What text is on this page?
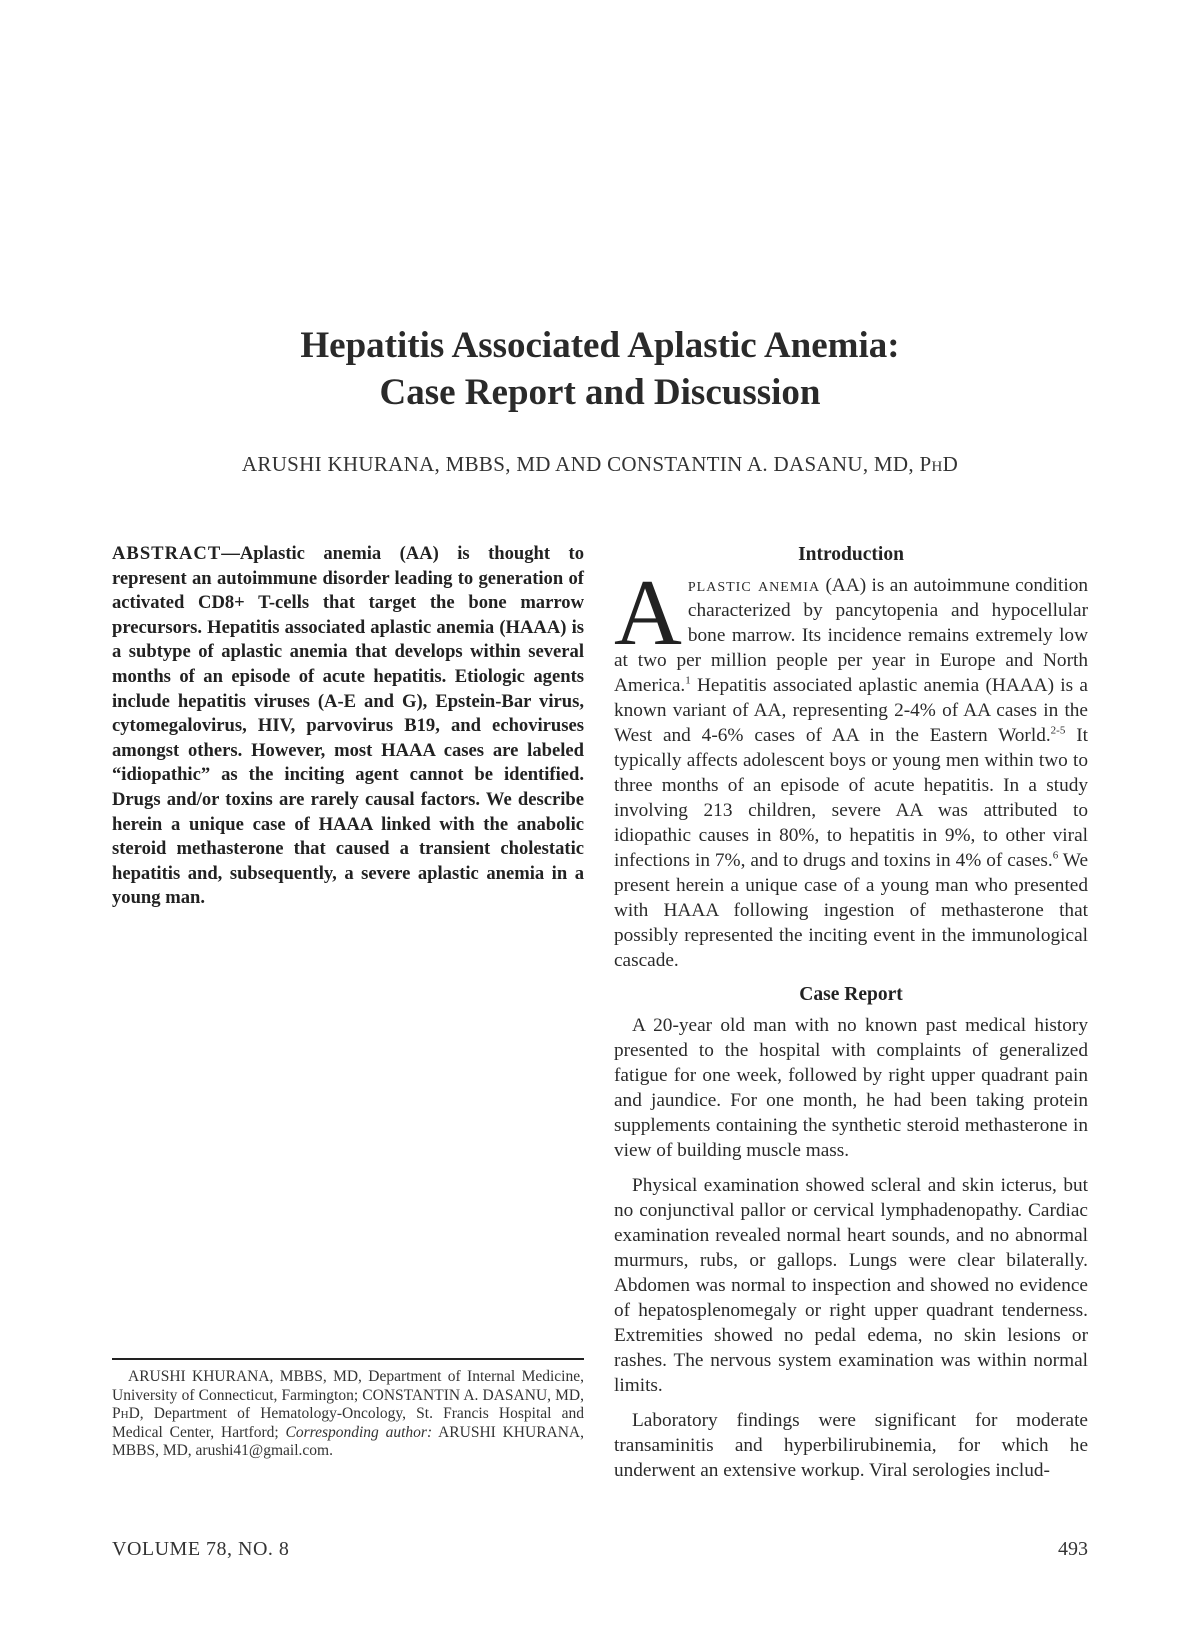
Hepatitis Associated Aplastic Anemia:
Case Report and Discussion
ARUSHI KHURANA, MBBS, MD AND CONSTANTIN A. DASANU, MD, PhD
ABSTRACT—Aplastic anemia (AA) is thought to represent an autoimmune disorder leading to generation of activated CD8+ T-cells that target the bone marrow precursors. Hepatitis associated aplastic anemia (HAAA) is a subtype of aplastic anemia that develops within several months of an episode of acute hepatitis. Etiologic agents include hepatitis viruses (A-E and G), Epstein-Bar virus, cytomegalovirus, HIV, parvovirus B19, and echoviruses amongst others. However, most HAAA cases are labeled “idiopathic” as the inciting agent cannot be identified. Drugs and/or toxins are rarely causal factors. We describe herein a unique case of HAAA linked with the anabolic steroid methasterone that caused a transient cholestatic hepatitis and, subsequently, a severe aplastic anemia in a young man.
ARUSHI KHURANA, MBBS, MD, Department of Internal Medicine, University of Connecticut, Farmington; CONSTANTIN A. DASANU, MD, PhD, Department of Hematology-Oncology, St. Francis Hospital and Medical Center, Hartford; Corresponding author: ARUSHI KHURANA, MBBS, MD, arushi41@gmail.com.
Introduction

Aplastic anemia (AA) is an autoimmune condition characterized by pancytopenia and hypocellular bone marrow. Its incidence remains extremely low at two per million people per year in Europe and North America.$^1$ Hepatitis associated aplastic anemia (HAAA) is a known variant of AA, representing 2-4% of AA cases in the West and 4-6% cases of AA in the Eastern World.$^{2-5}$ It typically affects adolescent boys or young men within two to three months of an episode of acute hepatitis. In a study involving 213 children, severe AA was attributed to idiopathic causes in 80%, to hepatitis in 9%, to other viral infections in 7%, and to drugs and toxins in 4% of cases.$^6$ We present herein a unique case of a young man who presented with HAAA following ingestion of methasterone that possibly represented the inciting event in the immunological cascade.

Case Report

A 20-year old man with no known past medical history presented to the hospital with complaints of generalized fatigue for one week, followed by right upper quadrant pain and jaundice. For one month, he had been taking protein supplements containing the synthetic steroid methasterone in view of building muscle mass.

Physical examination showed scleral and skin icterus, but no conjunctival pallor or cervical lymphadenopathy. Cardiac examination revealed normal heart sounds, and no abnormal murmurs, rubs, or gallops. Lungs were clear bilaterally. Abdomen was normal to inspection and showed no evidence of hepatosplenomegaly or right upper quadrant tenderness. Extremities showed no pedal edema, no skin lesions or rashes. The nervous system examination was within normal limits.

Laboratory findings were significant for moderate transaminitis and hyperbilirubinemia, for which he underwent an extensive workup. Viral serologies includ-

VOLUME 78, NO. 8	493
